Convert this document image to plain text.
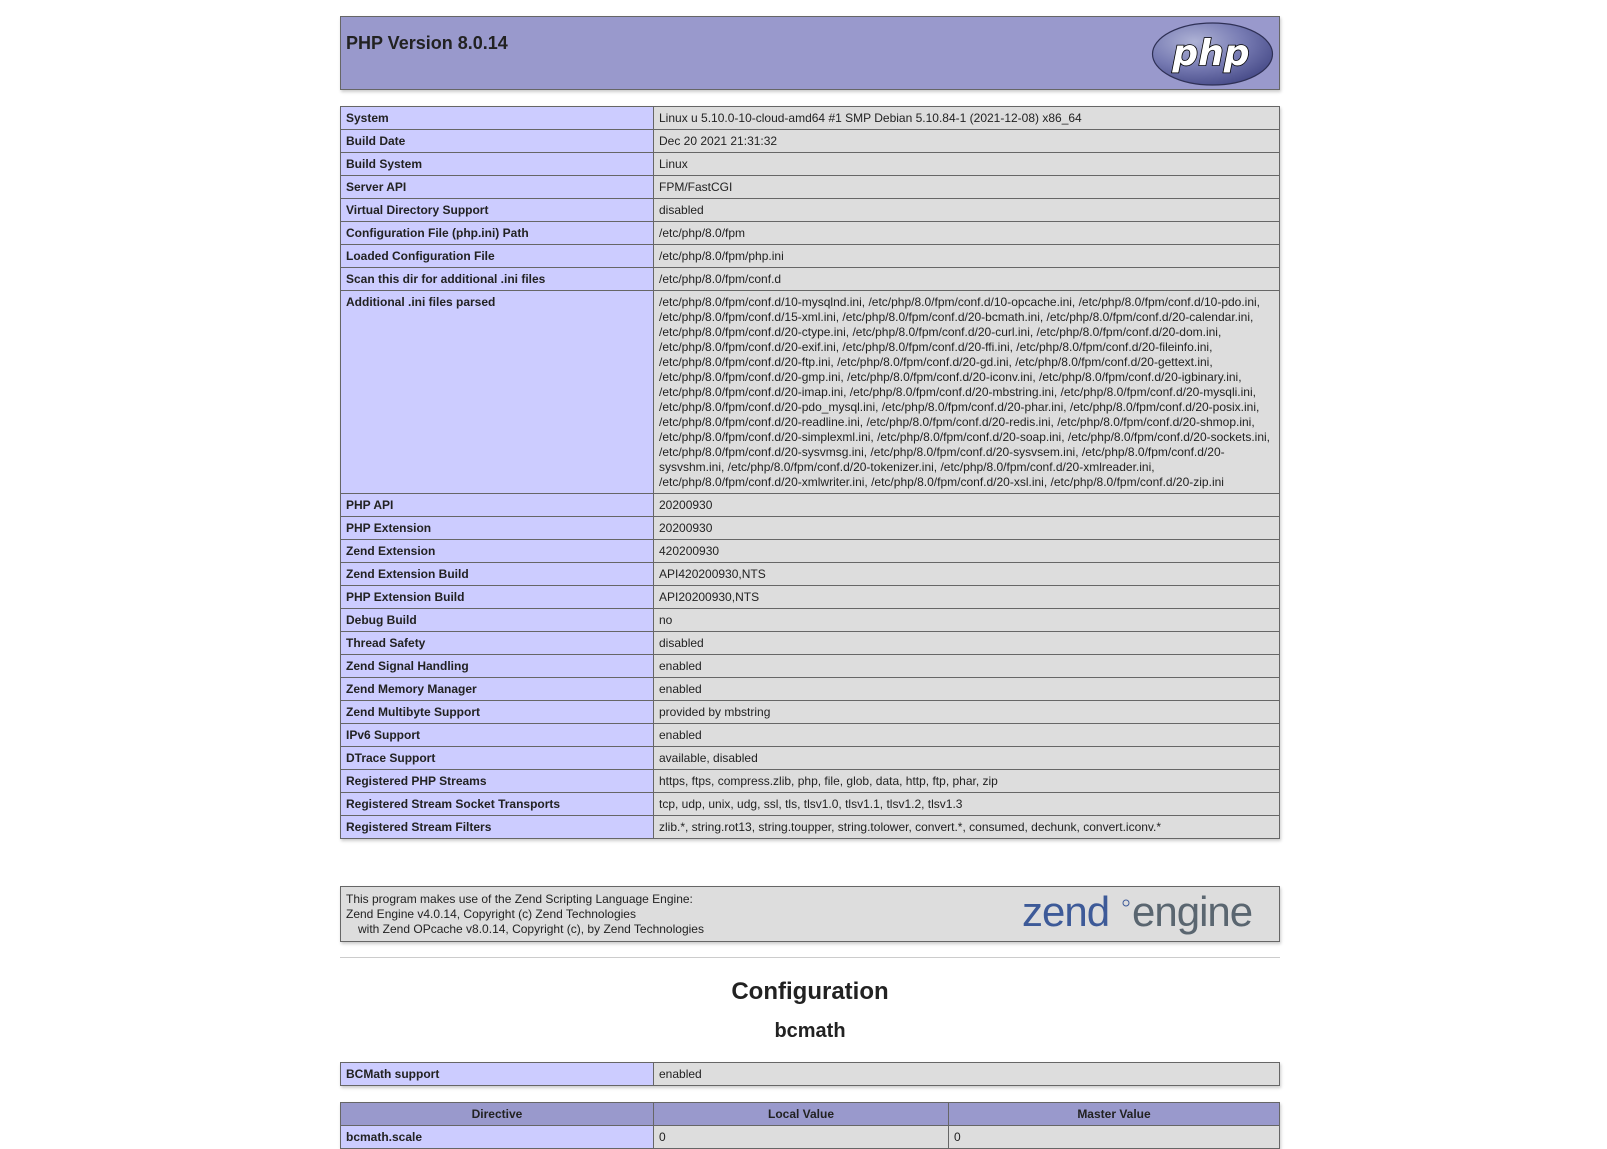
PHP Version 8.0.14	php
System	Linux u 5.10.0-10-cloud-amd64 #1 SMP Debian 5.10.84-1 (2021-12-08) x86_64
Build Date	Dec 20 2021 21:31:32
Build System	Linux
Server API	FPM/FastCGI
Virtual Directory Support	disabled
Configuration File (php.ini) Path	/etc/php/8.0/fpm
Loaded Configuration File	/etc/php/8.0/fpm/php.ini
Scan this dir for additional .ini files	/etc/php/8.0/fpm/conf.d
Additional .ini files parsed	/etc/php/8.0/fpm/conf.d/10-mysqlnd.ini, /etc/php/8.0/fpm/conf.d/10-opcache.ini, /etc/php/8.0/fpm/conf.d/10-pdo.ini, /etc/php/8.0/fpm/conf.d/15-xml.ini, /etc/php/8.0/fpm/conf.d/20-bcmath.ini, /etc/php/8.0/fpm/conf.d/20-calendar.ini, /etc/php/8.0/fpm/conf.d/20-ctype.ini, /etc/php/8.0/fpm/conf.d/20-curl.ini, /etc/php/8.0/fpm/conf.d/20-dom.ini, /etc/php/8.0/fpm/conf.d/20-exif.ini, /etc/php/8.0/fpm/conf.d/20-ffi.ini, /etc/php/8.0/fpm/conf.d/20-fileinfo.ini, /etc/php/8.0/fpm/conf.d/20-ftp.ini, /etc/php/8.0/fpm/conf.d/20-gd.ini, /etc/php/8.0/fpm/conf.d/20-gettext.ini, /etc/php/8.0/fpm/conf.d/20-gmp.ini, /etc/php/8.0/fpm/conf.d/20-iconv.ini, /etc/php/8.0/fpm/conf.d/20-igbinary.ini, /etc/php/8.0/fpm/conf.d/20-imap.ini, /etc/php/8.0/fpm/conf.d/20-mbstring.ini, /etc/php/8.0/fpm/conf.d/20-mysqli.ini, /etc/php/8.0/fpm/conf.d/20-pdo_mysql.ini, /etc/php/8.0/fpm/conf.d/20-phar.ini, /etc/php/8.0/fpm/conf.d/20-posix.ini, /etc/php/8.0/fpm/conf.d/20-readline.ini, /etc/php/8.0/fpm/conf.d/20-redis.ini, /etc/php/8.0/fpm/conf.d/20-shmop.ini, /etc/php/8.0/fpm/conf.d/20-simplexml.ini, /etc/php/8.0/fpm/conf.d/20-soap.ini, /etc/php/8.0/fpm/conf.d/20-sockets.ini, /etc/php/8.0/fpm/conf.d/20-sysvmsg.ini, /etc/php/8.0/fpm/conf.d/20-sysvsem.ini, /etc/php/8.0/fpm/conf.d/20-sysvshm.ini, /etc/php/8.0/fpm/conf.d/20-tokenizer.ini, /etc/php/8.0/fpm/conf.d/20-xmlreader.ini, /etc/php/8.0/fpm/conf.d/20-xmlwriter.ini, /etc/php/8.0/fpm/conf.d/20-xsl.ini, /etc/php/8.0/fpm/conf.d/20-zip.ini
PHP API	20200930
PHP Extension	20200930
Zend Extension	420200930
Zend Extension Build	API420200930,NTS
PHP Extension Build	API20200930,NTS
Debug Build	no
Thread Safety	disabled
Zend Signal Handling	enabled
Zend Memory Manager	enabled
Zend Multibyte Support	provided by mbstring
IPv6 Support	enabled
DTrace Support	available, disabled
Registered PHP Streams	https, ftps, compress.zlib, php, file, glob, data, http, ftp, phar, zip
Registered Stream Socket Transports	tcp, udp, unix, udg, ssl, tls, tlsv1.0, tlsv1.1, tlsv1.2, tlsv1.3
Registered Stream Filters	zlib.*, string.rot13, string.toupper, string.tolower, convert.*, consumed, dechunk, convert.iconv.*
This program makes use of the Zend Scripting Language Engine:
Zend Engine v4.0.14, Copyright (c) Zend Technologies
with Zend OPcache v8.0.14, Copyright (c), by Zend Technologies	zend engine
Configuration
bcmath
BCMath support	enabled
Directive	Local Value	Master Value
bcmath.scale	0	0
